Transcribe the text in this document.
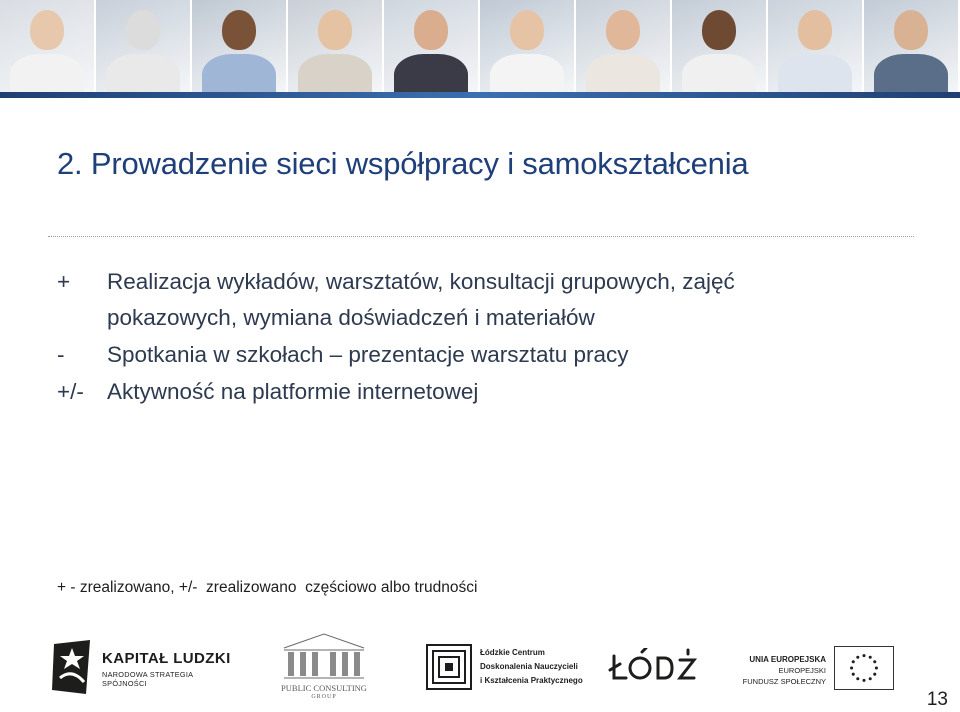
2. Prowadzenie sieci współpracy i samokształcenia
+	Realizacja wykładów, warsztatów, konsultacji grupowych, zajęć
pokazowych, wymiana doświadczeń i materiałów
-	Spotkania w szkołach – prezentacje warsztatu pracy
+/-	Aktywność na platformie internetowej
+ - zrealizowano, +/-  zrealizowano  częściowo albo trudności
KAPITAŁ LUDZKI
NARODOWA STRATEGIA SPÓJNOŚCI	PUBLIC CONSULTING
GROUP
Łódzkie Centrum
Doskonalenia Nauczycieli
i Kształcenia Praktycznego
UNIA EUROPEJSKA
EUROPEJSKI
FUNDUSZ SPOŁECZNY
13
